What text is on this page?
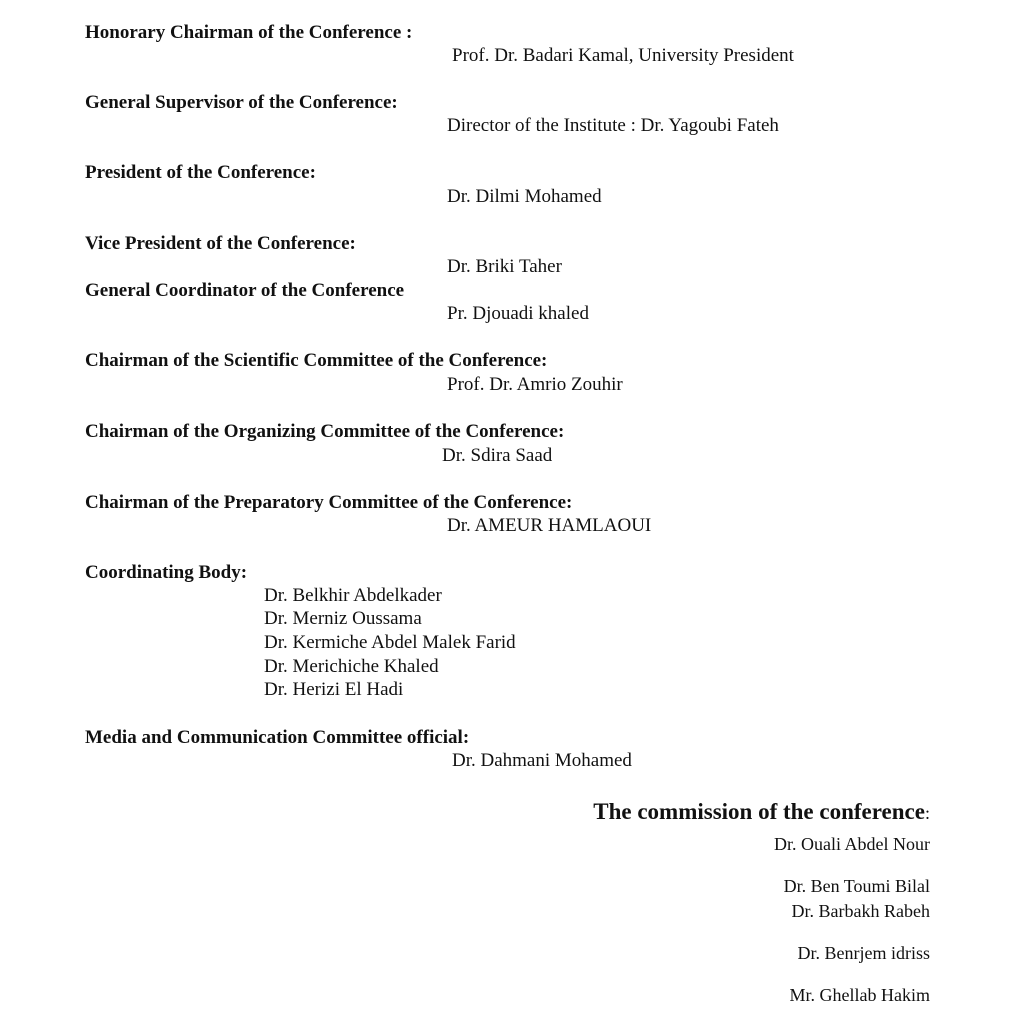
Honorary Chairman of the Conference :
Prof. Dr. Badari Kamal, University President
General Supervisor of the Conference:
Director of the Institute : Dr. Yagoubi Fateh
President of the Conference:
Dr. Dilmi Mohamed
Vice President of the Conference:
Dr. Briki Taher
General Coordinator of the Conference
Pr. Djouadi khaled
Chairman of the Scientific Committee of the Conference:
Prof. Dr. Amrio Zouhir
Chairman of the Organizing Committee of the Conference:
Dr. Sdira Saad
Chairman of the Preparatory Committee of the Conference:
Dr. AMEUR HAMLAOUI
Coordinating Body:
Dr. Belkhir Abdelkader
Dr. Merniz Oussama
Dr. Kermiche Abdel Malek Farid
Dr. Merichiche Khaled
Dr. Herizi El Hadi
Media and Communication Committee official:
Dr. Dahmani Mohamed
The commission of the conference:
Dr. Ouali Abdel Nour
Dr. Ben Toumi Bilal
Dr. Barbakh Rabeh
Dr. Benrjem idriss
Mr. Ghellab Hakim
